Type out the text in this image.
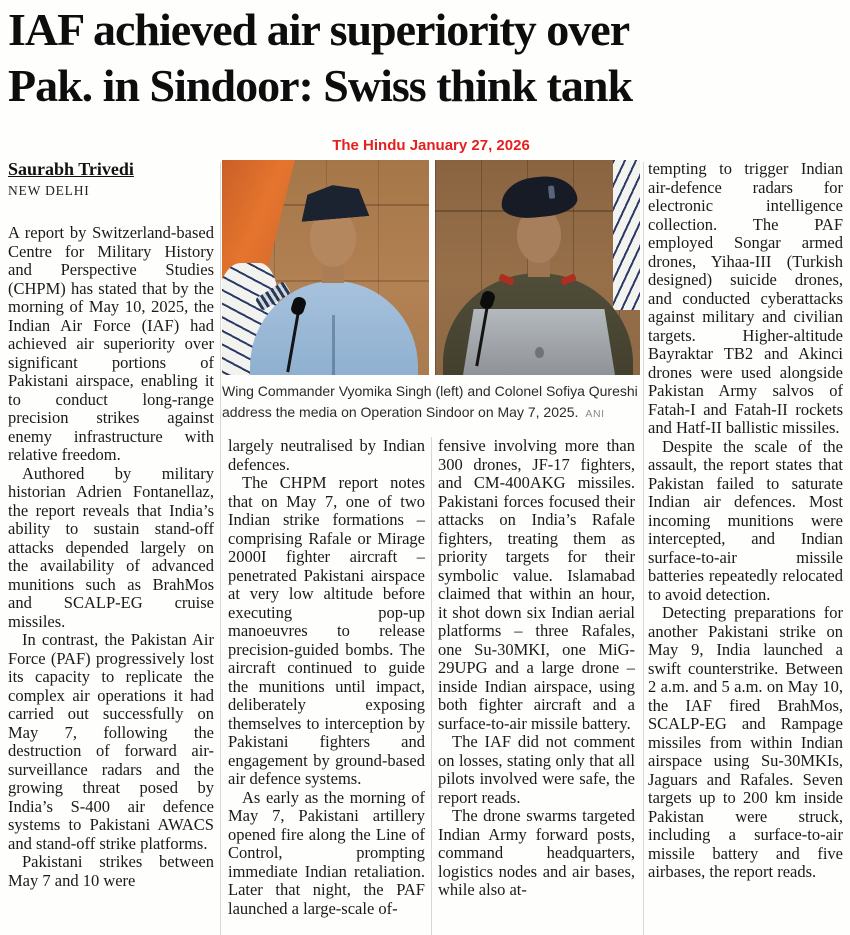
IAF achieved air superiority over
Pak. in Sindoor: Swiss think tank
The Hindu January 27, 2026
Wing Commander Vyomika Singh (left) and Colonel Sofiya Qureshi address the media on Operation Sindoor on May 7, 2025. ANI
Saurabh Trivedi
NEW DELHI

A report by Switzerland-based Centre for Military History and Perspective Studies (CHPM) has stated that by the morning of May 10, 2025, the Indian Air Force (IAF) had achieved air superiority over significant portions of Pakistani airspace, enabling it to conduct long-range precision strikes against enemy infrastructure with relative freedom.

Authored by military historian Adrien Fontanellaz, the report reveals that India’s ability to sustain stand-off attacks depended largely on the availability of advanced munitions such as BrahMos and SCALP-EG cruise missiles.

In contrast, the Pakistan Air Force (PAF) progressively lost its capacity to replicate the complex air operations it had carried out successfully on May 7, following the destruction of forward air-surveillance radars and the growing threat posed by India’s S-400 air defence systems to Pakistani AWACS and stand-off strike platforms.

Pakistani strikes between May 7 and 10 were

largely neutralised by Indian defences.

The CHPM report notes that on May 7, one of two Indian strike formations – comprising Rafale or Mirage 2000I fighter aircraft – penetrated Pakistani airspace at very low altitude before executing pop-up manoeuvres to release precision-guided bombs. The aircraft continued to guide the munitions until impact, deliberately exposing themselves to interception by Pakistani fighters and engagement by ground-based air defence systems.

As early as the morning of May 7, Pakistani artillery opened fire along the Line of Control, prompting immediate Indian retaliation. Later that night, the PAF launched a large-scale of-

fensive involving more than 300 drones, JF-17 fighters, and CM-400AKG missiles. Pakistani forces focused their attacks on India’s Rafale fighters, treating them as priority targets for their symbolic value. Islamabad claimed that within an hour, it shot down six Indian aerial platforms – three Rafales, one Su-30MKI, one MiG-29UPG and a large drone – inside Indian airspace, using both fighter aircraft and a surface-to-air missile battery.

The IAF did not comment on losses, stating only that all pilots involved were safe, the report reads.

The drone swarms targeted Indian Army forward posts, command headquarters, logistics nodes and air bases, while also at-

tempting to trigger Indian air-defence radars for electronic intelligence collection. The PAF employed Songar armed drones, Yihaa-III (Turkish designed) suicide drones, and conducted cyberattacks against military and civilian targets. Higher-altitude Bayraktar TB2 and Akinci drones were used alongside Pakistan Army salvos of Fatah-I and Fatah-II rockets and Hatf-II ballistic missiles.

Despite the scale of the assault, the report states that Pakistan failed to saturate Indian air defences. Most incoming munitions were intercepted, and Indian surface-to-air missile batteries repeatedly relocated to avoid detection.

Detecting preparations for another Pakistani strike on May 9, India launched a swift counterstrike. Between 2 a.m. and 5 a.m. on May 10, the IAF fired BrahMos, SCALP-EG and Rampage missiles from within Indian airspace using Su-30MKIs, Jaguars and Rafales. Seven targets up to 200 km inside Pakistan were struck, including a surface-to-air missile battery and five airbases, the report reads.
